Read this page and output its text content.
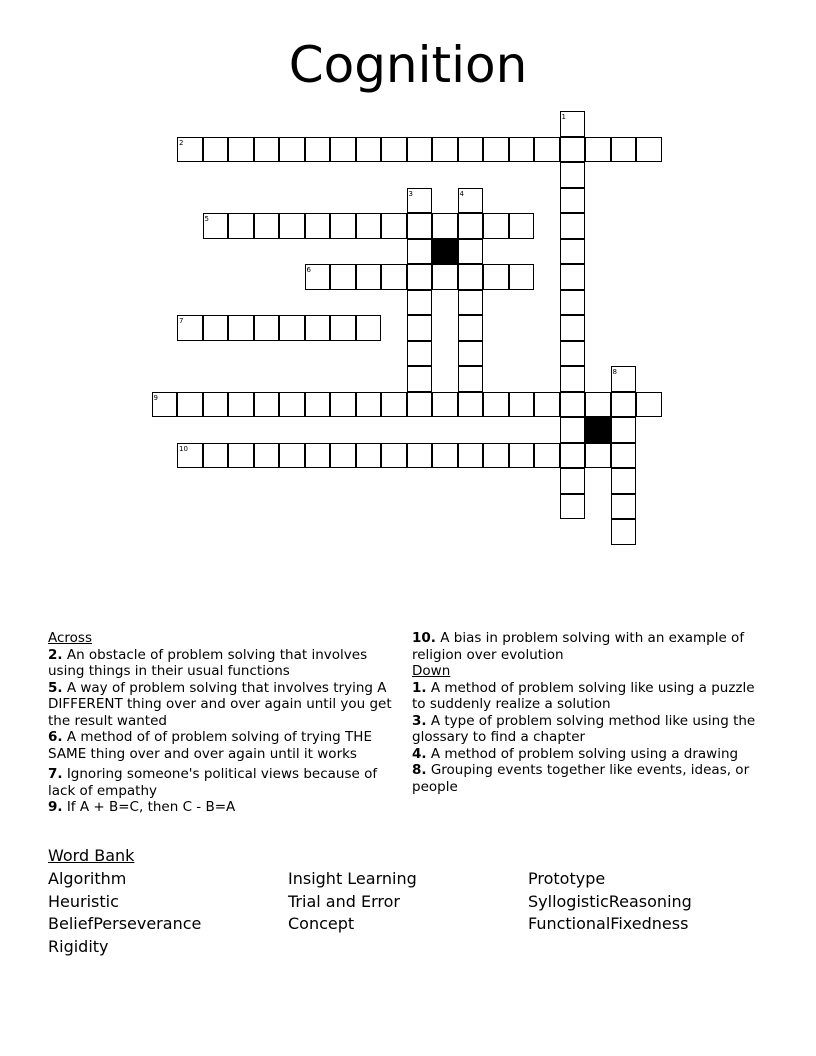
Cognition
2
5
6
7
9
10
1
3	4
8
Across
2. An obstacle of problem solving that involves using things in their usual functions
5. A way of problem solving that involves trying A DIFFERENT thing over and over again until you get the result wanted
6. A method of of problem solving of trying THE SAME thing over and over again until it works
7. Ignoring someone's political views because of lack of empathy
9. If A + B=C, then C - B=A
10. A bias in problem solving with an example of religion over evolution
Down
1. A method of problem solving like using a puzzle to suddenly realize a solution
3. A type of problem solving method like using the glossary to find a chapter
4. A method of problem solving using a drawing
8. Grouping events together like events, ideas, or people
Word Bank
Algorithm	Insight Learning	Prototype
Heuristic	Trial and Error	SyllogisticReasoning
BeliefPerseverance	Concept	FunctionalFixedness
Rigidity
